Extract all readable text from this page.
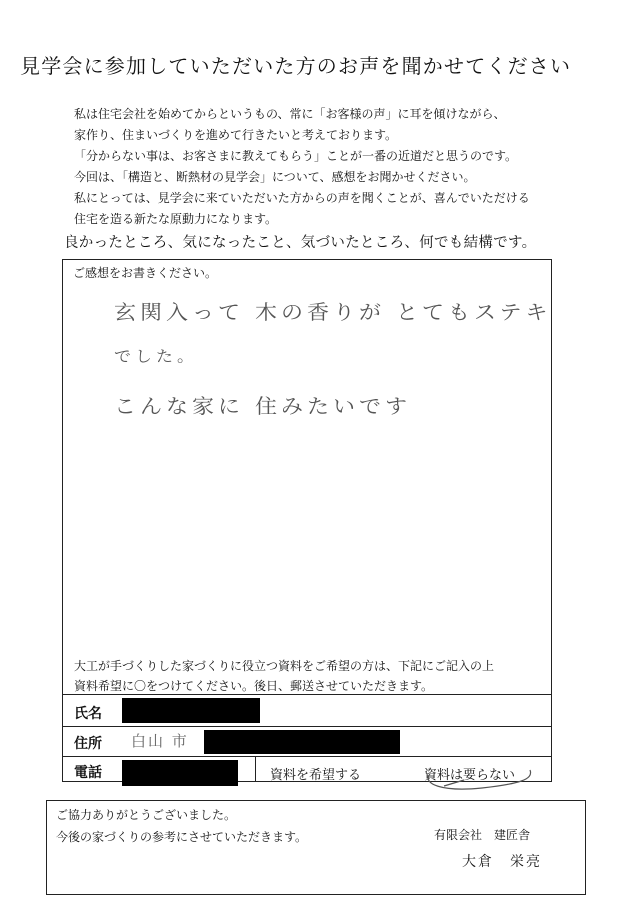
見学会に参加していただいた方のお声を聞かせてください
私は住宅会社を始めてからというもの、常に「お客様の声」に耳を傾けながら、
家作り、住まいづくりを進めて行きたいと考えております。
「分からない事は、お客さまに教えてもらう」ことが一番の近道だと思うのです。
今回は、「構造と、断熱材の見学会」について、感想をお聞かせください。
私にとっては、見学会に来ていただいた方からの声を聞くことが、喜んでいただける
住宅を造る新たな原動力になります。
良かったところ、気になったこと、気づいたところ、何でも結構です。
ご感想をお書きください。
玄関入って 木の香りが とてもステキ
でした。
こんな家に 住みたいです
大工が手づくりした家づくりに役立つ資料をご希望の方は、下記にご記入の上
資料希望に〇をつけてください。後日、郵送させていただきます。
氏名
住所 白山 市
電話	資料を希望する	資料は要らない
ご協力ありがとうございました。
今後の家づくりの参考にさせていただきます。	有限会社　建匠舎
大倉　栄亮
